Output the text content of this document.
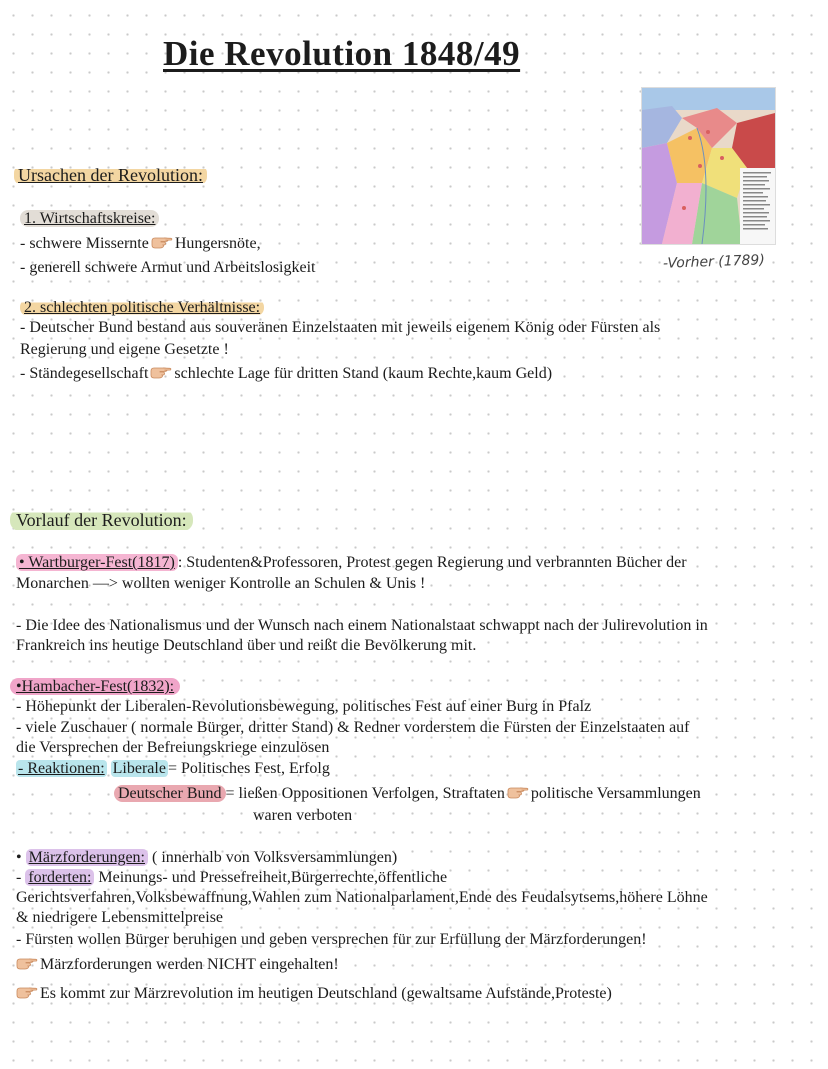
Die Revolution 1848/49
-Vorher (1789)
Ursachen der Revolution:
1. Wirtschaftskreise:
- schwere Missernte Hungersnöte,
- generell schwere Armut und Arbeitslosigkeit
2. schlechten politische Verhältnisse:
- Deutscher Bund bestand aus souveränen Einzelstaaten mit jeweils eigenem König oder Fürsten als
Regierung und eigene Gesetzte !
- Ständegesellschaft schlechte Lage für dritten Stand (kaum Rechte,kaum Geld)
Vorlauf der Revolution:
• Wartburger-Fest(1817) : Studenten&Professoren, Protest gegen Regierung und verbrannten Bücher der
Monarchen —> wollten weniger Kontrolle an Schulen & Unis !
- Die Idee des Nationalismus und der Wunsch nach einem Nationalstaat schwappt nach der Julirevolution in
Frankreich ins heutige Deutschland über und reißt die Bevölkerung mit.
•Hambacher-Fest(1832):
- Höhepunkt der Liberalen-Revolutionsbewegung, politisches Fest auf einer Burg in Pfalz
- viele Zuschauer ( normale Bürger, dritter Stand) & Redner vorderstem die Fürsten der Einzelstaaten auf
die Versprechen der Befreiungskriege einzulösen
- Reaktionen: Liberale = Politisches Fest, Erfolg
Deutscher Bund = ließen Oppositionen Verfolgen, Straftaten politische Versammlungen
waren verboten
• Märzforderungen: ( innerhalb von Volksversammlungen)
- forderten: Meinungs- und Pressefreiheit,Bürgerrechte,öffentliche
Gerichtsverfahren,Volksbewaffnung,Wahlen zum Nationalparlament,Ende des Feudalsytsems,höhere Löhne
& niedrigere Lebensmittelpreise
- Fürsten wollen Bürger beruhigen und geben versprechen für zur Erfüllung der Märzforderungen!
Märzforderungen werden NICHT eingehalten!
Es kommt zur Märzrevolution im heutigen Deutschland (gewaltsame Aufstände,Proteste)
